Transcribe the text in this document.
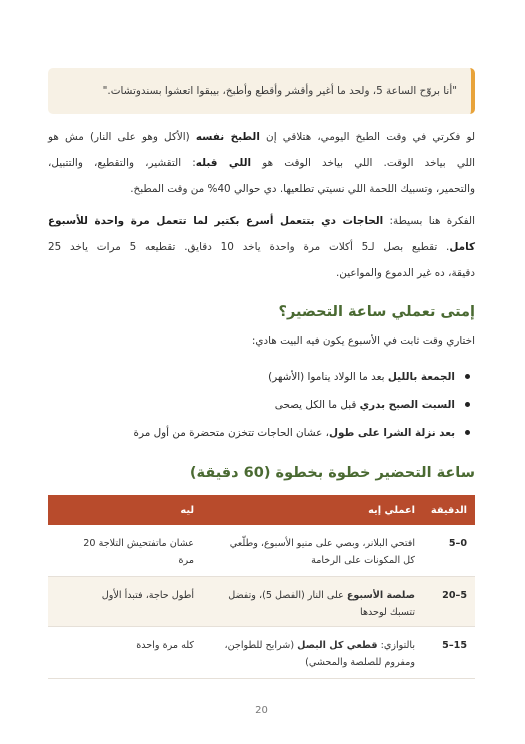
"أنا بروّح الساعة 5، ولحد ما أغير وأقشر وأقطع وأطبخ، بيبقوا اتعشوا بسندوتشات."
لو فكرتي في وقت الطبخ اليومي، هتلاقي إن الطبخ نفسه (الأكل وهو على النار) مش هو
اللي بياخد الوقت. اللي بياخد الوقت هو اللي قبله: التقشير، والتقطيع، والتتبيل،
والتحمير، وتسبيك اللحمة اللي نسيتي تطلعيها. دي حوالي 40% من وقت المطبخ.
الفكرة هنا بسيطة: الحاجات دي بتتعمل أسرع بكتير لما تتعمل مرة واحدة للأسبوع
كامل. تقطيع بصل لـ5 أكلات مرة واحدة ياخد 10 دقايق. تقطيعه 5 مرات ياخد 25
دقيقة، ده غير الدموع والمواعين.
إمتى تعملي ساعة التحضير؟
اختاري وقت ثابت في الأسبوع يكون فيه البيت هادي:
الجمعة بالليل بعد ما الولاد يناموا (الأشهر)
السبت الصبح بدري قبل ما الكل يصحى
بعد نزلة الشرا على طول، عشان الحاجات تتخزن متحضرة من أول مرة
ساعة التحضير خطوة بخطوة (60 دقيقة)
الدقيقة	اعملي إيه	ليه
0–5	افتحي البلانر، وبصي على منيو الأسبوع، وطلّعي
كل المكونات على الرخامة	عشان ماتفتحيش التلاجة 20
مرة
5–20	صلصة الأسبوع على النار (الفصل 5)، وتفضل
تتسبك لوحدها	أطول حاجة، فتبدأ الأول
15–5	بالتوازي: قطعي كل البصل (شرايح للطواجن،
ومفروم للصلصة والمحشي)	كله مرة واحدة
20
